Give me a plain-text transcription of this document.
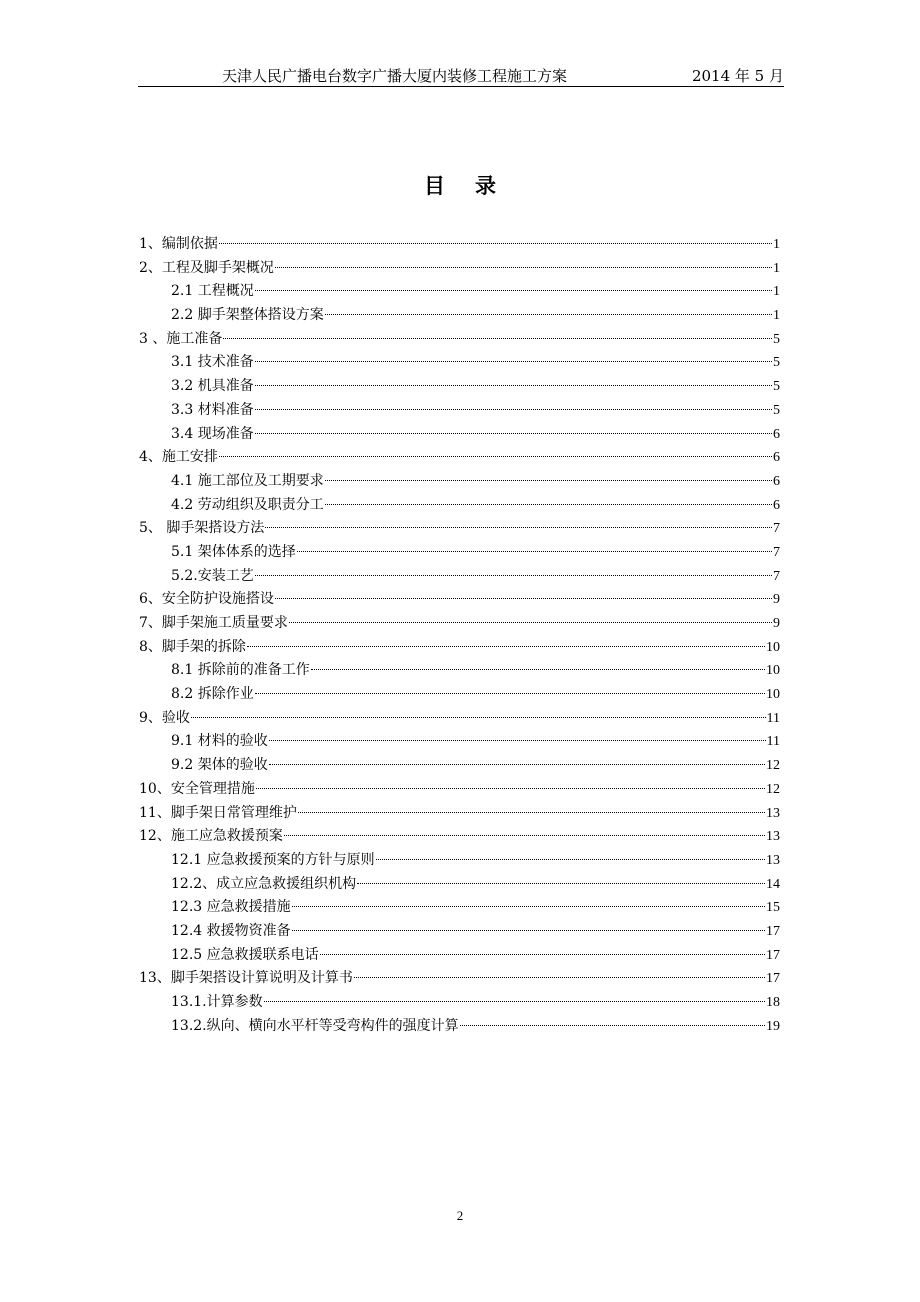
天津人民广播电台数字广播大厦内装修工程施工方案	2014 年 5 月
目录
1、编制依据	1
2、工程及脚手架概况	1
2.1 工程概况	1
2.2 脚手架整体搭设方案	1
3 、施工准备	5
3.1 技术准备	5
3.2 机具准备	5
3.3 材料准备	5
3.4 现场准备	6
4、施工安排	6
4.1 施工部位及工期要求	6
4.2 劳动组织及职责分工	6
5、 脚手架搭设方法	7
5.1 架体体系的选择	7
5.2.安装工艺	7
6、安全防护设施搭设	9
7、脚手架施工质量要求	9
8、脚手架的拆除	10
8.1 拆除前的准备工作	10
8.2 拆除作业	10
9、验收	11
9.1 材料的验收	11
9.2 架体的验收	12
10、安全管理措施	12
11、脚手架日常管理维护	13
12、施工应急救援预案	13
12.1 应急救援预案的方针与原则	13
12.2、成立应急救援组织机构	14
12.3 应急救援措施	15
12.4 救援物资准备	17
12.5 应急救援联系电话	17
13、脚手架搭设计算说明及计算书	17
13.1.计算参数	18
13.2.纵向、横向水平杆等受弯构件的强度计算	19
2
